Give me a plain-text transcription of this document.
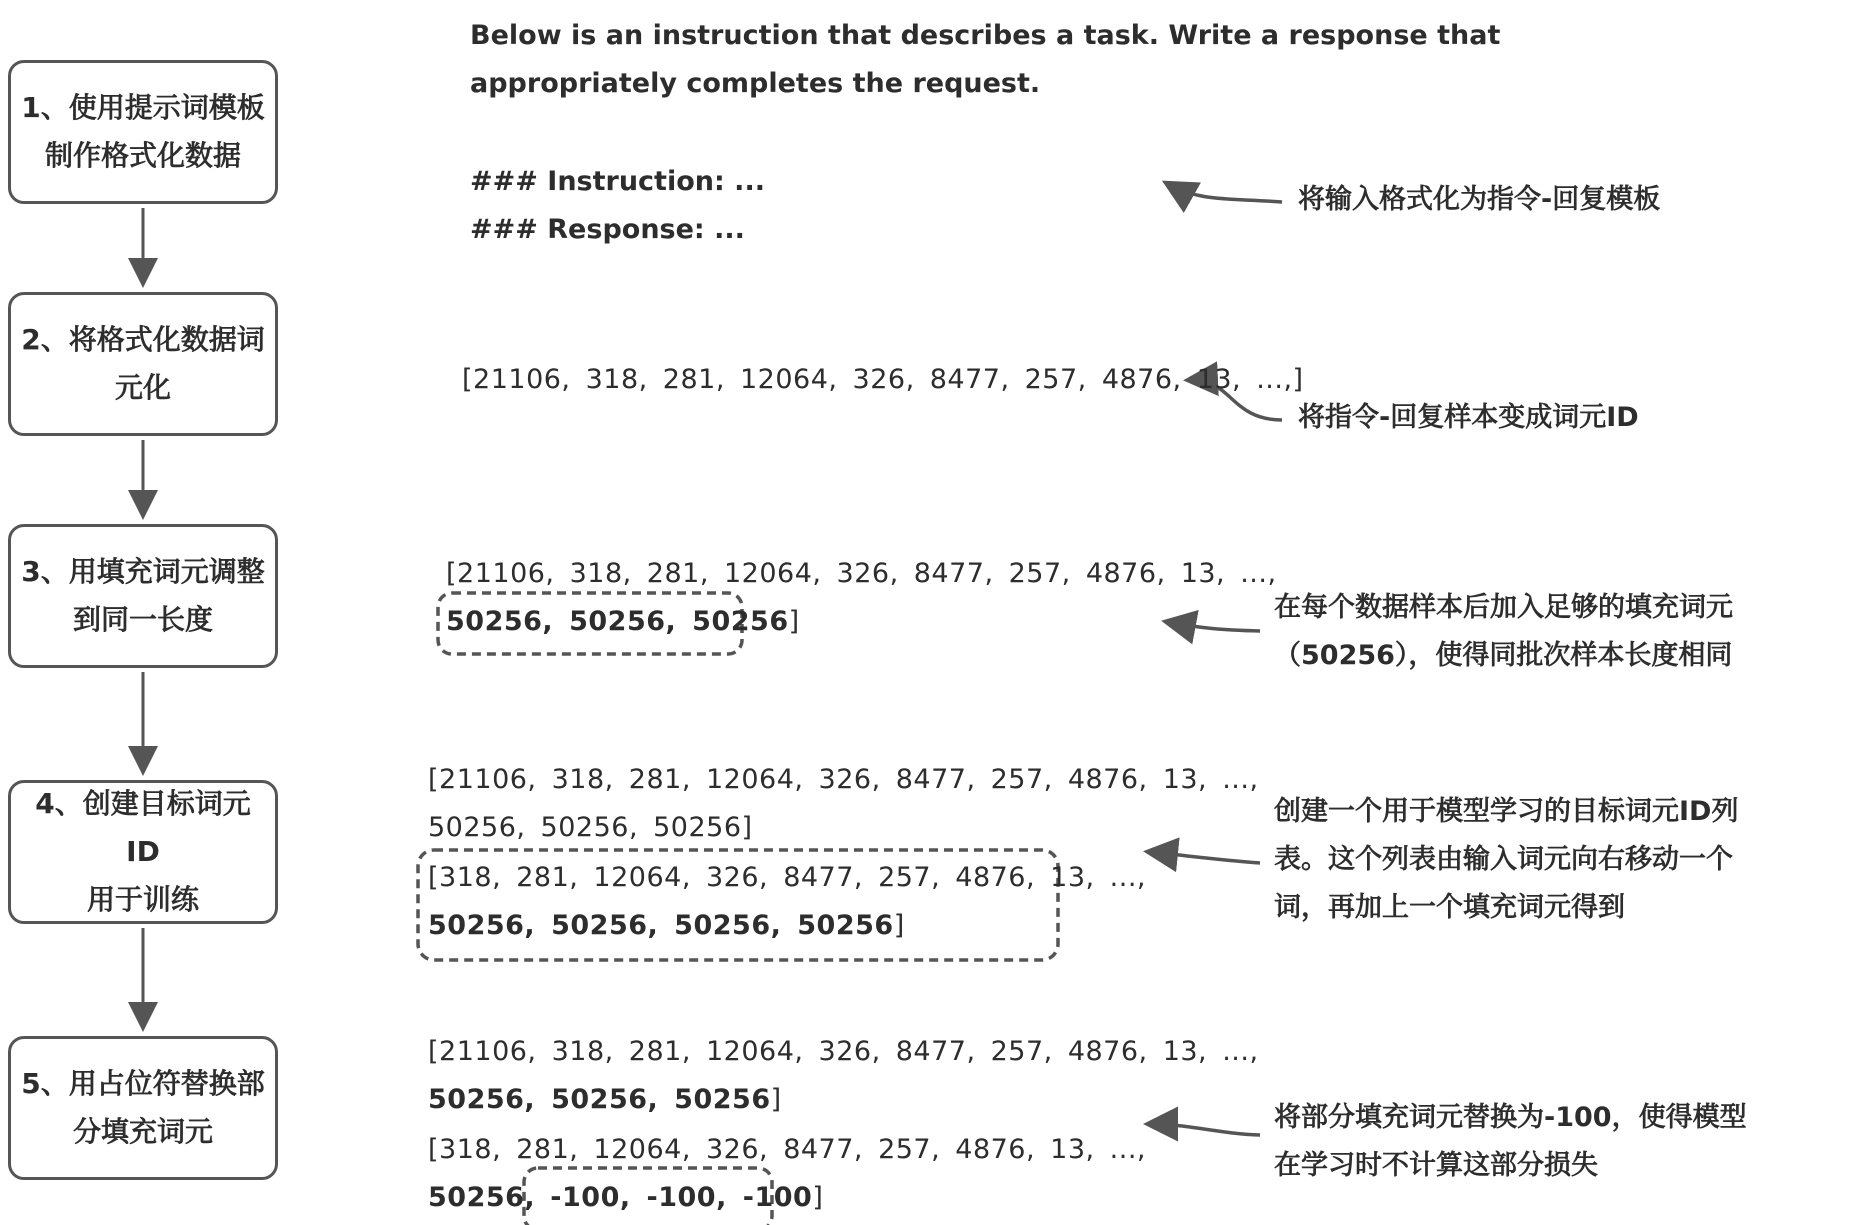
1、使用提示词模板
制作格式化数据
2、将格式化数据词
元化
3、用填充词元调整
到同一长度
4、创建目标词元ID
用于训练
5、用占位符替换部
分填充词元
Below is an instruction that describes a task. Write a response that
appropriately completes the request.
### Instruction: ...
### Response: ...
[21106, 318, 281, 12064, 326, 8477, 257, 4876, 13, ...,]
[21106, 318, 281, 12064, 326, 8477, 257, 4876, 13, ...,
50256, 50256, 50256]
[21106, 318, 281, 12064, 326, 8477, 257, 4876, 13, ...,
50256, 50256, 50256]
[318, 281, 12064, 326, 8477, 257, 4876, 13, ...,
50256, 50256, 50256, 50256]
[21106, 318, 281, 12064, 326, 8477, 257, 4876, 13, ...,
50256, 50256, 50256]
[318, 281, 12064, 326, 8477, 257, 4876, 13, ...,
50256, -100, -100, -100]
将输入格式化为指令-回复模板
将指令-回复样本变成词元ID
在每个数据样本后加入足够的填充词元
（50256），使得同批次样本长度相同
创建一个用于模型学习的目标词元ID列
表。这个列表由输入词元向右移动一个
词，再加上一个填充词元得到
将部分填充词元替换为-100，使得模型
在学习时不计算这部分损失
